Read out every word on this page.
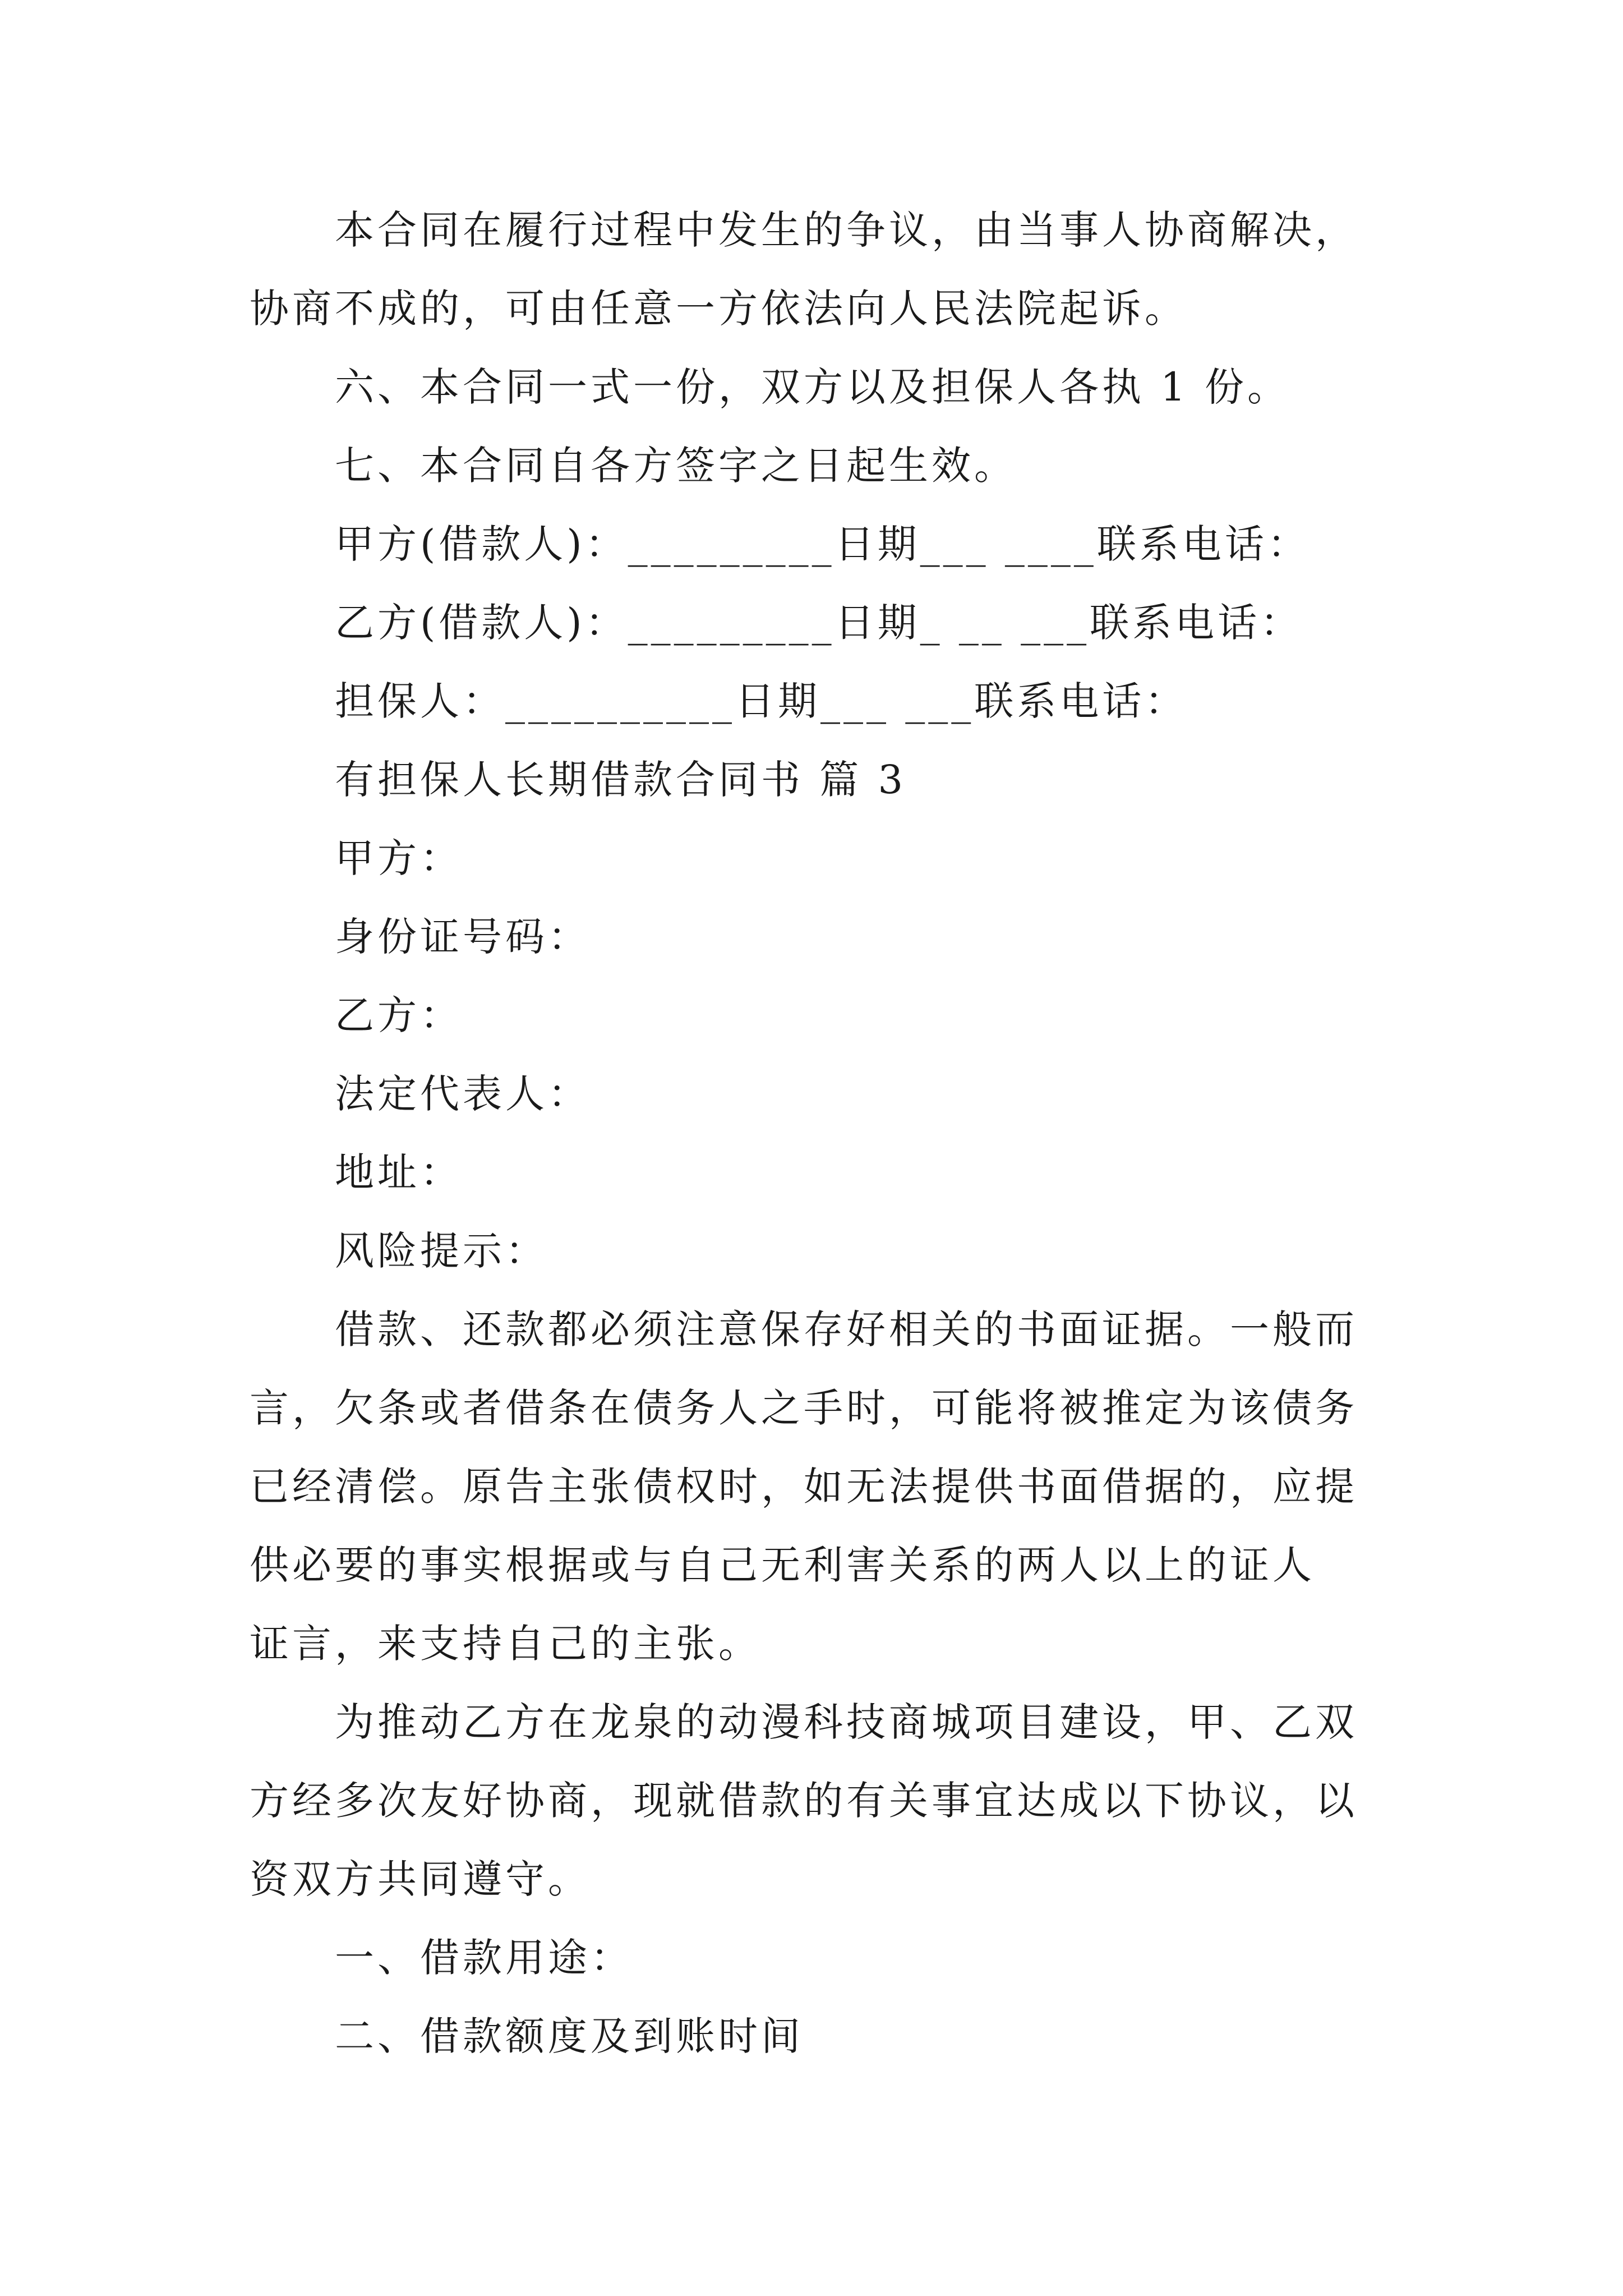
本合同在履行过程中发生的争议，由当事人协商解决，
协商不成的，可由任意一方依法向人民法院起诉。
六、本合同一式一份，双方以及担保人各执 1 份。
七、本合同自各方签字之日起生效。
甲方(借款人)：_________日期___ ____联系电话：
乙方(借款人)：_________日期_ __ ___联系电话：
担保人：__________日期___ ___联系电话：
有担保人长期借款合同书 篇 3
甲方：
身份证号码：
乙方：
法定代表人：
地址：
风险提示：
借款、还款都必须注意保存好相关的书面证据。一般而
言，欠条或者借条在债务人之手时，可能将被推定为该债务
已经清偿。原告主张债权时，如无法提供书面借据的，应提
供必要的事实根据或与自己无利害关系的两人以上的证人
证言，来支持自己的主张。
为推动乙方在龙泉的动漫科技商城项目建设，甲、乙双
方经多次友好协商，现就借款的有关事宜达成以下协议，以
资双方共同遵守。
一、借款用途：
二、借款额度及到账时间
